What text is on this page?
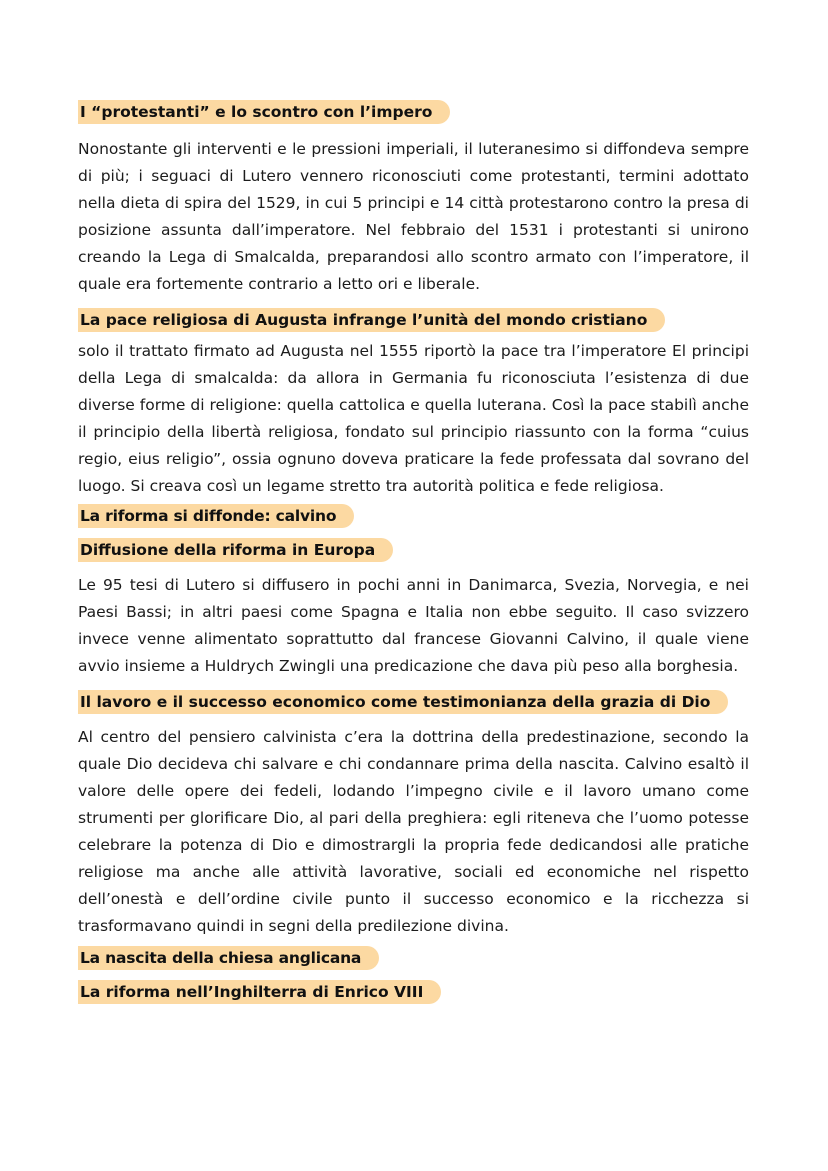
I “protestanti” e lo scontro con l’impero

Nonostante gli interventi e le pressioni imperiali, il luteranesimo si diffondeva sempre di più; i seguaci di Lutero vennero riconosciuti come protestanti, termini adottato nella dieta di spira del 1529, in cui 5 principi e 14 città protestarono contro la presa di posizione assunta dall’imperatore. Nel febbraio del 1531 i protestanti si unirono creando la Lega di Smalcalda, preparandosi allo scontro armato con l’imperatore, il quale era fortemente contrario a letto ori e liberale.

La pace religiosa di Augusta infrange l’unità del mondo cristiano

solo il trattato firmato ad Augusta nel 1555 riportò la pace tra l’imperatore El principi della Lega di smalcalda: da allora in Germania fu riconosciuta l’esistenza di due diverse forme di religione: quella cattolica e quella luterana. Così la pace stabilì anche il principio della libertà religiosa, fondato sul principio riassunto con la forma “cuius regio, eius religio”, ossia ognuno doveva praticare la fede professata dal sovrano del luogo. Si creava così un legame stretto tra autorità politica e fede religiosa.

La riforma si diffonde: calvino
Diffusione della riforma in Europa

Le 95 tesi di Lutero si diffusero in pochi anni in Danimarca, Svezia, Norvegia, e nei Paesi Bassi; in altri paesi come Spagna e Italia non ebbe seguito. Il caso svizzero invece venne alimentato soprattutto dal francese Giovanni Calvino, il quale viene avvio insieme a Huldrych Zwingli una predicazione che dava più peso alla borghesia.

Il lavoro e il successo economico come testimonianza della grazia di Dio

Al centro del pensiero calvinista c’era la dottrina della predestinazione, secondo la quale Dio decideva chi salvare e chi condannare prima della nascita. Calvino esaltò il valore delle opere dei fedeli, lodando l’impegno civile e il lavoro umano come strumenti per glorificare Dio, al pari della preghiera: egli riteneva che l’uomo potesse celebrare la potenza di Dio e dimostrargli la propria fede dedicandosi alle pratiche religiose ma anche alle attività lavorative, sociali ed economiche nel rispetto dell’onestà e dell’ordine civile punto il successo economico e la ricchezza si trasformavano quindi in segni della predilezione divina.

La nascita della chiesa anglicana
La riforma nell’Inghilterra di Enrico VIII
